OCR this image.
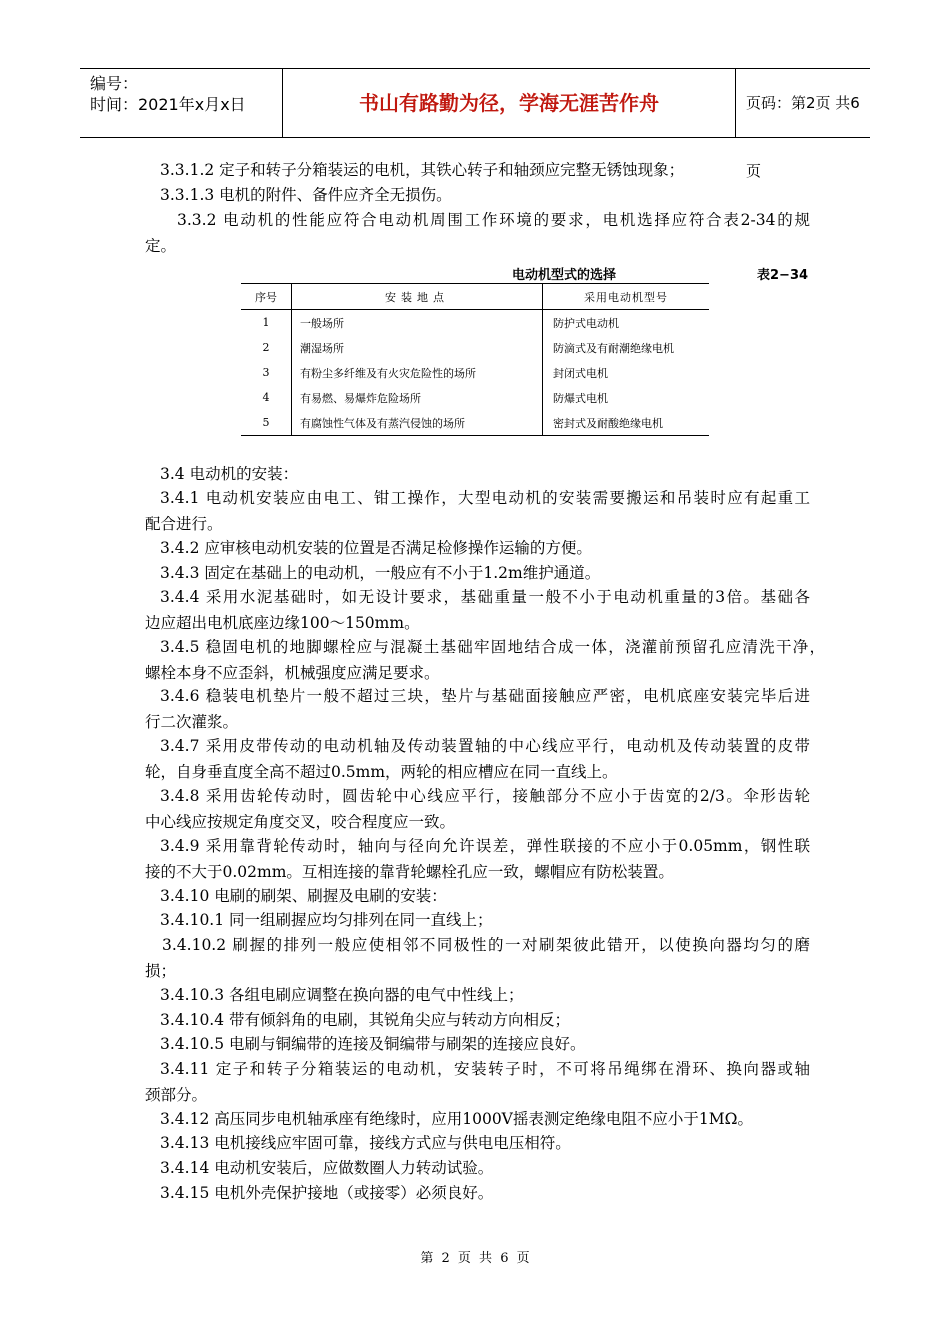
编号：
时间：2021年x月x日	书山有路勤为径，学海无涯苦作舟	页码：第2页 共6页
3.3.1.2 定子和转子分箱装运的电机，其铁心转子和轴颈应完整无锈蚀现象；
3.3.1.3 电机的附件、备件应齐全无损伤。
3.3.2 电动机的性能应符合电动机周围工作环境的要求，电机选择应符合表2-34的规
定。
电动机型式的选择	表2−34
序号	安装地点	采用电动机型号
1	一般场所	防护式电动机
2	潮湿场所	防滴式及有耐潮绝缘电机
3	有粉尘多纤维及有火灾危险性的场所	封闭式电机
4	有易燃、易爆炸危险场所	防爆式电机
5	有腐蚀性气体及有蒸汽侵蚀的场所	密封式及耐酸绝缘电机
3.4 电动机的安装：
3.4.1 电动机安装应由电工、钳工操作，大型电动机的安装需要搬运和吊装时应有起重工
配合进行。
3.4.2 应审核电动机安装的位置是否满足检修操作运输的方便。
3.4.3 固定在基础上的电动机，一般应有不小于1.2m维护通道。
3.4.4 采用水泥基础时，如无设计要求，基础重量一般不小于电动机重量的3倍。基础各
边应超出电机底座边缘100～150mm。
3.4.5 稳固电机的地脚螺栓应与混凝土基础牢固地结合成一体，浇灌前预留孔应清洗干净，
螺栓本身不应歪斜，机械强度应满足要求。
3.4.6 稳装电机垫片一般不超过三块，垫片与基础面接触应严密，电机底座安装完毕后进
行二次灌浆。
3.4.7 采用皮带传动的电动机轴及传动装置轴的中心线应平行，电动机及传动装置的皮带
轮，自身垂直度全高不超过0.5mm，两轮的相应槽应在同一直线上。
3.4.8 采用齿轮传动时，圆齿轮中心线应平行，接触部分不应小于齿宽的2/3。伞形齿轮
中心线应按规定角度交叉，咬合程度应一致。
3.4.9 采用靠背轮传动时，轴向与径向允许误差，弹性联接的不应小于0.05mm，钢性联
接的不大于0.02mm。互相连接的靠背轮螺栓孔应一致，螺帽应有防松装置。
3.4.10 电刷的刷架、刷握及电刷的安装：
3.4.10.1 同一组刷握应均匀排列在同一直线上；
3.4.10.2 刷握的排列一般应使相邻不同极性的一对刷架彼此错开，以使换向器均匀的磨
损；
3.4.10.3 各组电刷应调整在换向器的电气中性线上；
3.4.10.4 带有倾斜角的电刷，其锐角尖应与转动方向相反；
3.4.10.5 电刷与铜编带的连接及铜编带与刷架的连接应良好。
3.4.11 定子和转子分箱装运的电动机，安装转子时，不可将吊绳绑在滑环、换向器或轴
颈部分。
3.4.12 高压同步电机轴承座有绝缘时，应用1000V摇表测定绝缘电阻不应小于1MΩ。
3.4.13 电机接线应牢固可靠，接线方式应与供电电压相符。
3.4.14 电动机安装后，应做数圈人力转动试验。
3.4.15 电机外壳保护接地（或接零）必须良好。
第 2 页 共 6 页
